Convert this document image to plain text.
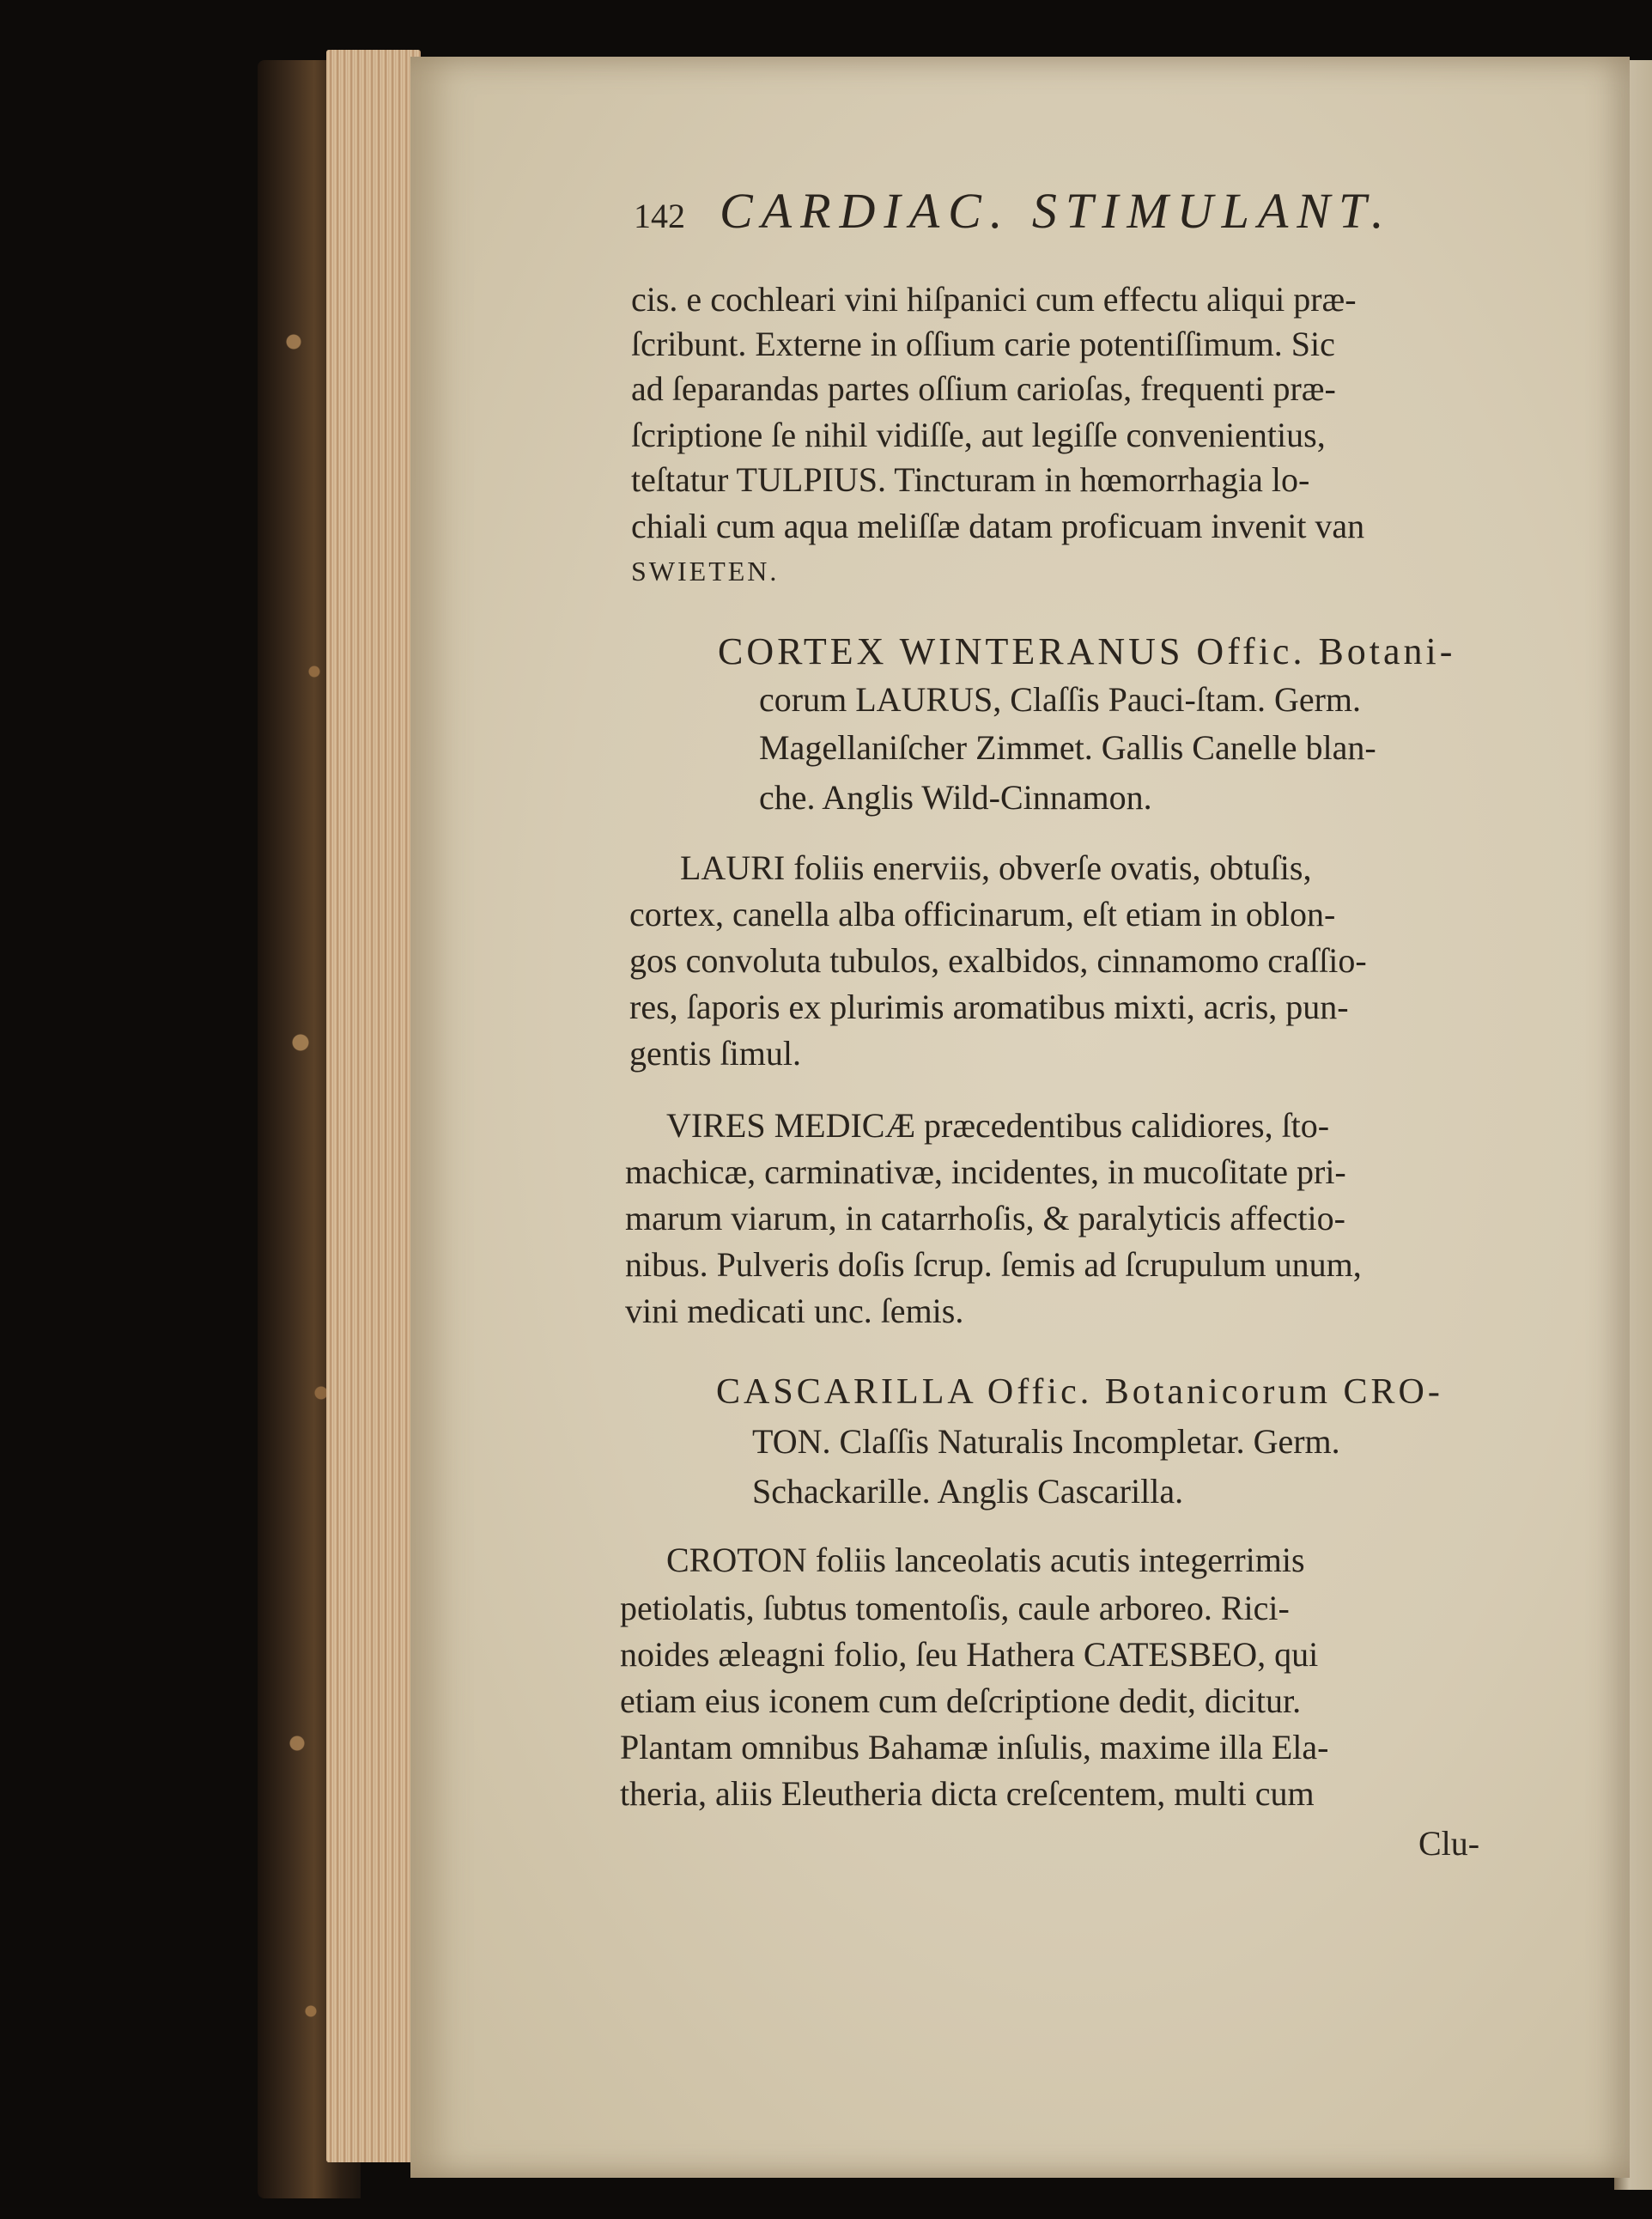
142 CARDIAC. STIMULANT.

cis. e cochleari vini hiſpanici cum effectu aliqui præ-

ſcribunt. Externe in oſſium carie potentiſſimum. Sic

ad ſeparandas partes oſſium carioſas, frequenti præ-

ſcriptione ſe nihil vidiſſe, aut legiſſe convenientius,

teſtatur TULPIUS. Tincturam in hœmorrhagia lo-

chiali cum aqua meliſſæ datam proficuam invenit van

SWIETEN.

CORTEX WINTERANUS Offic. Botani-

corum LAURUS, Claſſis Pauci-ſtam. Germ.

Magellaniſcher Zimmet. Gallis Canelle blan-

che. Anglis Wild-Cinnamon.

LAURI foliis enerviis, obverſe ovatis, obtuſis,

cortex, canella alba officinarum, eſt etiam in oblon-

gos convoluta tubulos, exalbidos, cinnamomo craſſio-

res, ſaporis ex plurimis aromatibus mixti, acris, pun-

gentis ſimul.

VIRES MEDICÆ præcedentibus calidiores, ſto-

machicæ, carminativæ, incidentes, in mucoſitate pri-

marum viarum, in catarrhoſis, & paralyticis affectio-

nibus. Pulveris doſis ſcrup. ſemis ad ſcrupulum unum,

vini medicati unc. ſemis.

CASCARILLA Offic. Botanicorum CRO-

TON. Claſſis Naturalis Incompletar. Germ.

Schackarille. Anglis Cascarilla.

CROTON foliis lanceolatis acutis integerrimis

petiolatis, ſubtus tomentoſis, caule arboreo. Rici-

noides æleagni folio, ſeu Hathera CATESBEO, qui

etiam eius iconem cum deſcriptione dedit, dicitur.

Plantam omnibus Bahamæ inſulis, maxime illa Ela-

theria, aliis Eleutheria dicta creſcentem, multi cum

Clu-
